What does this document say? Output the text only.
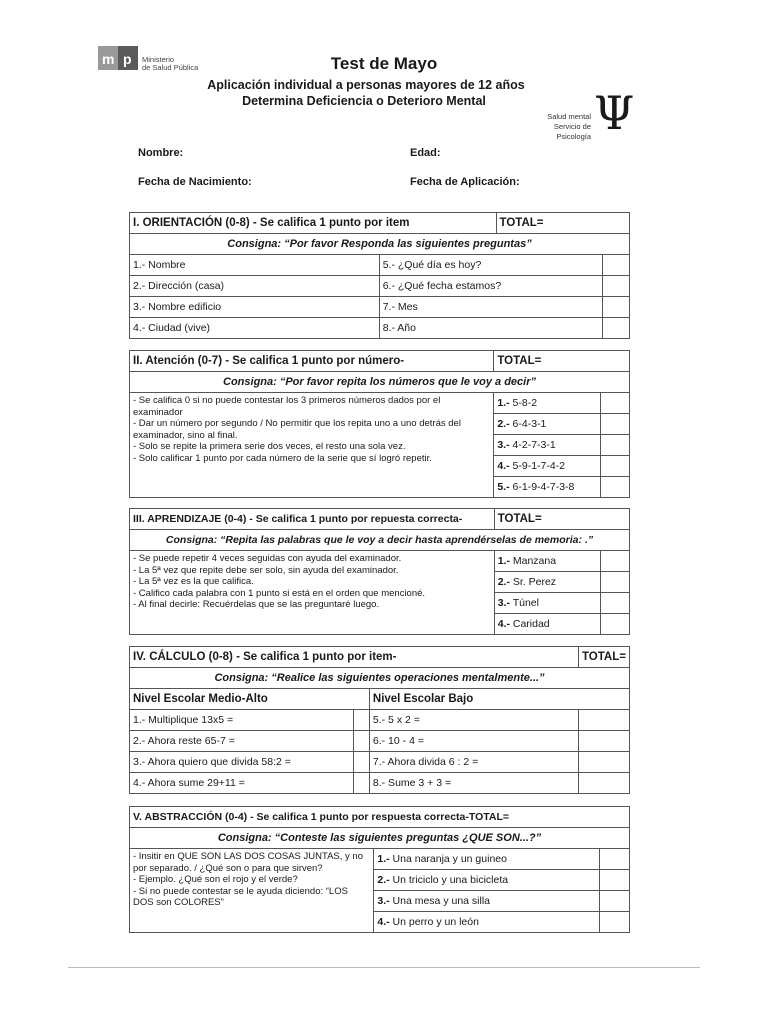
m p Ministerio
de Salud Pública	Test de Mayo
Aplicación individual a personas mayores de 12 años
Determina Deficiencia o Deterioro Mental
Salud mental
Servicio de Psicología Ψ
Nombre:	Edad:
Fecha de Nacimiento:	Fecha de Aplicación:
I. ORIENTACIÓN (0-8) - Se califica 1 punto por item		TOTAL=	
Consigna: “Por favor Responda las siguientes preguntas”			
1.- Nombre	5.- ¿Qué día es hoy?		
2.- Dirección (casa)	6.- ¿Qué fecha estamos?		
3.- Nombre edificio	7.- Mes		
4.- Ciudad (vive)	8.- Año		
II. Atención (0-7) - Se califica 1 punto por número-	TOTAL=	
Consigna: “Por favor repita los números que le voy a decir”		

- Se califica 0 si no puede contestar los 3 primeros números dados por el examinador
- Dar un número por segundo / No permitir que los repita uno a uno detrás del examinador, sino al final.
- Solo se repite la primera serie dos veces, el resto una sola vez.
- Solo calificar 1 punto por cada número de la serie que sí logró repetir.	1.- 5-8-2	
	2.- 6-4-3-1	
	3.- 4-2-7-3-1	
	4.- 5-9-1-7-4-2	
	5.- 6-1-9-4-7-3-8	
III. APRENDIZAJE (0-4) - Se califica 1 punto por repuesta correcta-	TOTAL=	
Consigna: “Repita las palabras que le voy a decir hasta aprendérselas de memoria: .”		

- Se puede repetir 4 veces seguidas con ayuda del examinador.
- La 5ª vez que repite debe ser solo, sin ayuda del examinador.
- La 5ª vez es la que califica.
- Califico cada palabra con 1 punto si está en el orden que mencioné.
- Al final decirle: Recuérdelas que se las preguntaré luego.	1.- Manzana	
	2.- Sr. Perez	
	3.- Túnel	
	4.- Caridad	
IV. CÁLCULO (0-8) - Se califica 1 punto por item-			TOTAL=
Consigna: “Realice las siguientes operaciones mentalmente...”			
Nivel Escolar Medio-Alto		Nivel Escolar Bajo	
1.- Multiplique 13x5 =		5.- 5 x 2 =	
2.- Ahora reste 65-7 =		6.- 10 - 4 =	
3.- Ahora quiero que divida 58:2 =		7.- Ahora divida 6 : 2 =	
4.- Ahora sume 29+11 =		8.- Sume 3 + 3 =	
V. ABSTRACCIÓN (0-4) - Se califica 1 punto por respuesta correcta-TOTAL=		
Consigna: “Conteste las siguientes preguntas ¿QUE SON...?”		

- Insitir en QUE SON LAS DOS COSAS JUNTAS, y no por separado. / ¿Qué son o para que sirven?
- Ejemplo. ¿Qué son el rojo y el verde?
- Si no puede contestar se le ayuda diciendo: “LOS DOS son COLORES”	1.- Una naranja y un guineo	
	2.- Un triciclo y una bicicleta	
	3.- Una mesa y una silla	
	4.- Un perro y un león	
